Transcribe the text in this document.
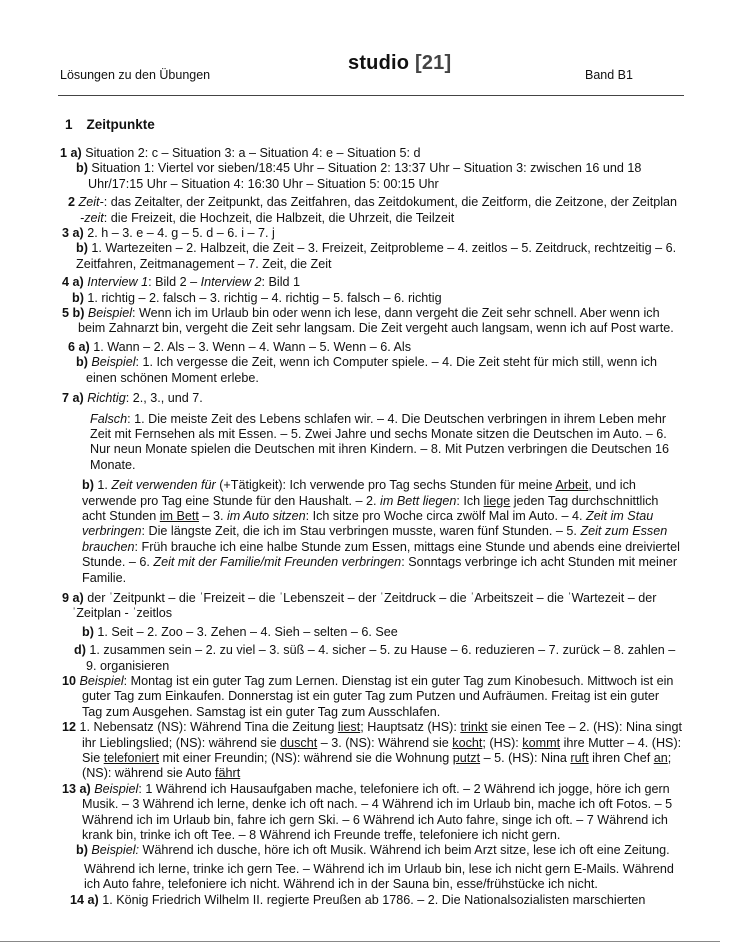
Lösungen zu den Übungen
studio [21]
Band B1
1 Zeitpunkte

1 a) Situation 2: c – Situation 3: a – Situation 4: e – Situation 5: d

b) Situation 1: Viertel vor sieben/18:45 Uhr – Situation 2: 13:37 Uhr – Situation 3: zwischen 16 und 18 Uhr/17:15 Uhr – Situation 4: 16:30 Uhr – Situation 5: 00:15 Uhr

2 Zeit-: das Zeitalter, der Zeitpunkt, das Zeitfahren, das Zeitdokument, die Zeitform, die Zeitzone, der Zeitplan

-zeit: die Freizeit, die Hochzeit, die Halbzeit, die Uhrzeit, die Teilzeit

3 a) 2. h – 3. e – 4. g – 5. d – 6. i – 7. j

b) 1. Wartezeiten – 2. Halbzeit, die Zeit – 3. Freizeit, Zeitprobleme – 4. zeitlos – 5. Zeitdruck, rechtzeitig – 6. Zeitfahren, Zeitmanagement – 7. Zeit, die Zeit

4 a) Interview 1: Bild 2 – Interview 2: Bild 1

b) 1. richtig – 2. falsch – 3. richtig – 4. richtig – 5. falsch – 6. richtig

5 b) Beispiel: Wenn ich im Urlaub bin oder wenn ich lese, dann vergeht die Zeit sehr schnell. Aber wenn ich beim Zahnarzt bin, vergeht die Zeit sehr langsam. Die Zeit vergeht auch langsam, wenn ich auf Post warte.

6 a) 1. Wann – 2. Als – 3. Wenn – 4. Wann – 5. Wenn – 6. Als

b) Beispiel: 1. Ich vergesse die Zeit, wenn ich Computer spiele. – 4. Die Zeit steht für mich still, wenn ich einen schönen Moment erlebe.

7 a) Richtig: 2., 3., und 7.

Falsch: 1. Die meiste Zeit des Lebens schlafen wir. – 4. Die Deutschen verbringen in ihrem Leben mehr Zeit mit Fernsehen als mit Essen. – 5. Zwei Jahre und sechs Monate sitzen die Deutschen im Auto. – 6. Nur neun Monate spielen die Deutschen mit ihren Kindern. – 8. Mit Putzen verbringen die Deutschen 16 Monate.

b) 1. Zeit verwenden für (+Tätigkeit): Ich verwende pro Tag sechs Stunden für meine Arbeit, und ich verwende pro Tag eine Stunde für den Haushalt. – 2. im Bett liegen: Ich liege jeden Tag durchschnittlich acht Stunden im Bett – 3. im Auto sitzen: Ich sitze pro Woche circa zwölf Mal im Auto. – 4. Zeit im Stau verbringen: Die längste Zeit, die ich im Stau verbringen musste, waren fünf Stunden. – 5. Zeit zum Essen brauchen: Früh brauche ich eine halbe Stunde zum Essen, mittags eine Stunde und abends eine dreiviertel Stunde. – 6. Zeit mit der Familie/mit Freunden verbringen: Sonntags verbringe ich acht Stunden mit meiner Familie.

9 a) der ˈZeitpunkt – die ˈFreizeit – die ˈLebenszeit – der ˈZeitdruck – die ˈArbeitszeit – die ˈWartezeit – der ˈZeitplan - ˈzeitlos

b) 1. Seit – 2. Zoo – 3. Zehen – 4. Sieh – selten – 6. See

d) 1. zusammen sein – 2. zu viel – 3. süß – 4. sicher – 5. zu Hause – 6. reduzieren – 7. zurück – 8. zahlen – 9. organisieren

10 Beispiel: Montag ist ein guter Tag zum Lernen. Dienstag ist ein guter Tag zum Kinobesuch. Mittwoch ist ein guter Tag zum Einkaufen. Donnerstag ist ein guter Tag zum Putzen und Aufräumen. Freitag ist ein guter Tag zum Ausgehen. Samstag ist ein guter Tag zum Ausschlafen.

12 1. Nebensatz (NS): Während Tina die Zeitung liest; Hauptsatz (HS): trinkt sie einen Tee – 2. (HS): Nina singt ihr Lieblingslied; (NS): während sie duscht – 3. (NS): Während sie kocht; (HS): kommt ihre Mutter – 4. (HS): Sie telefoniert mit einer Freundin; (NS): während sie die Wohnung putzt – 5. (HS): Nina ruft ihren Chef an; (NS): während sie Auto fährt

13 a) Beispiel: 1 Während ich Hausaufgaben mache, telefoniere ich oft. – 2 Während ich jogge, höre ich gern Musik. – 3 Während ich lerne, denke ich oft nach. – 4 Während ich im Urlaub bin, mache ich oft Fotos. – 5 Während ich im Urlaub bin, fahre ich gern Ski. – 6 Während ich Auto fahre, singe ich oft. – 7 Während ich krank bin, trinke ich oft Tee. – 8 Während ich Freunde treffe, telefoniere ich nicht gern.

b) Beispiel: Während ich dusche, höre ich oft Musik. Während ich beim Arzt sitze, lese ich oft eine Zeitung.

Während ich lerne, trinke ich gern Tee. – Während ich im Urlaub bin, lese ich nicht gern E-Mails. Während ich Auto fahre, telefoniere ich nicht. Während ich in der Sauna bin, esse/frühstücke ich nicht.

14 a) 1. König Friedrich Wilhelm II. regierte Preußen ab 1786. – 2. Die Nationalsozialisten marschierten
